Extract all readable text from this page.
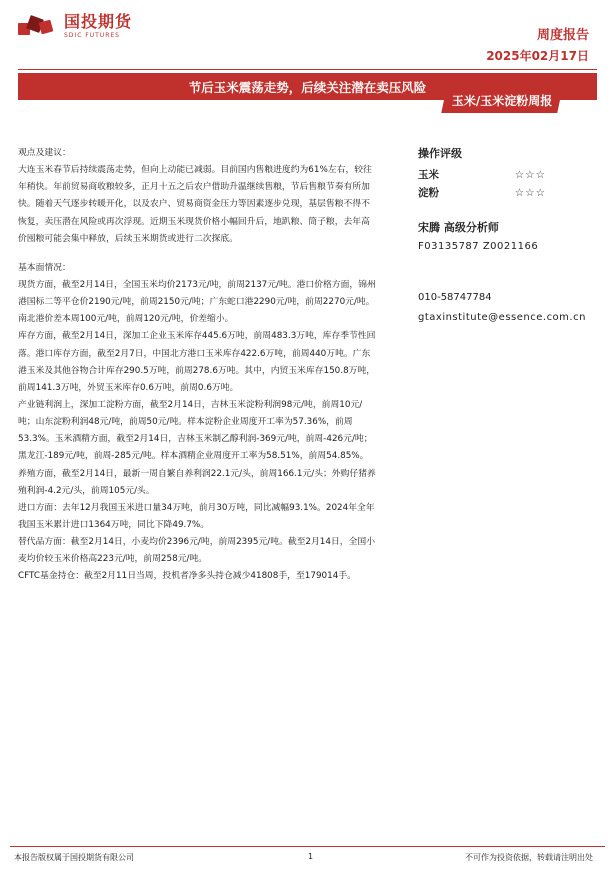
国投期货
SDIC FUTURES	周度报告
2025年02月17日
节后玉米震荡走势，后续关注潜在卖压风险
玉米/玉米淀粉周报

观点及建议：

大连玉米春节后持续震荡走势，但向上动能已减弱。目前国内售粮进度约为61%左右，较往年稍快。年前贸易商收粮较多，正月十五之后农户借助升温继续售粮，节后售粮节奏有所加快。随着天气逐步转暖开化，以及农户、贸易商资金压力等因素逐步兑现，基层售粮不得不恢复，卖压潜在风险或再次浮现。近期玉米现货价格小幅回升后，地趴粮、筒子粮，去年高价囤粮可能会集中释放，后续玉米期货或进行二次探底。

基本面情况：

现货方面，截至2月14日，全国玉米均价2173元/吨，前周2137元/吨。港口价格方面，锦州港国标二等平仓价2190元/吨，前周2150元/吨；广东蛇口港2290元/吨，前周2270元/吨。南北港价差本周100元/吨，前周120元/吨，价差缩小。

库存方面，截至2月14日，深加工企业玉米库存445.6万吨，前周483.3万吨，库存季节性回落。港口库存方面，截至2月7日，中国北方港口玉米库存422.6万吨，前周440万吨。广东港玉米及其他谷物合计库存290.5万吨，前周278.6万吨。其中，内贸玉米库存150.8万吨，前周141.3万吨，外贸玉米库存0.6万吨，前周0.6万吨。

产业链利润上，深加工淀粉方面，截至2月14日，吉林玉米淀粉利润98元/吨，前周10元/吨；山东淀粉利润48元/吨，前周50元/吨。样本淀粉企业周度开工率为57.36%，前周53.3%。玉米酒精方面，截至2月14日，吉林玉米制乙醇利润-369元/吨，前周-426元/吨；黑龙江-189元/吨，前周-285元/吨。样本酒精企业周度开工率为58.51%，前周54.85%。养殖方面，截至2月14日，最新一周自繁自养利润22.1元/头，前周166.1元/头；外购仔猪养殖利润-4.2元/头，前周105元/头。

进口方面：去年12月我国玉米进口量34万吨，前月30万吨，同比减幅93.1%。2024年全年我国玉米累计进口1364万吨，同比下降49.7%。

替代品方面：截至2月14日，小麦均价2396元/吨，前周2395元/吨。截至2月14日，全国小麦均价较玉米价格高223元/吨，前周258元/吨。

CFTC基金持仓：截至2月11日当周，投机者净多头持仓减少41808手，至179014手。

操作评级
玉米	☆☆☆
淀粉	☆☆☆
宋腾 高级分析师
F03135787 Z0021166
010-58747784
gtaxinstitute@essence.com.cn
本报告版权属于国投期货有限公司	1	不可作为投资依据，转载请注明出处
